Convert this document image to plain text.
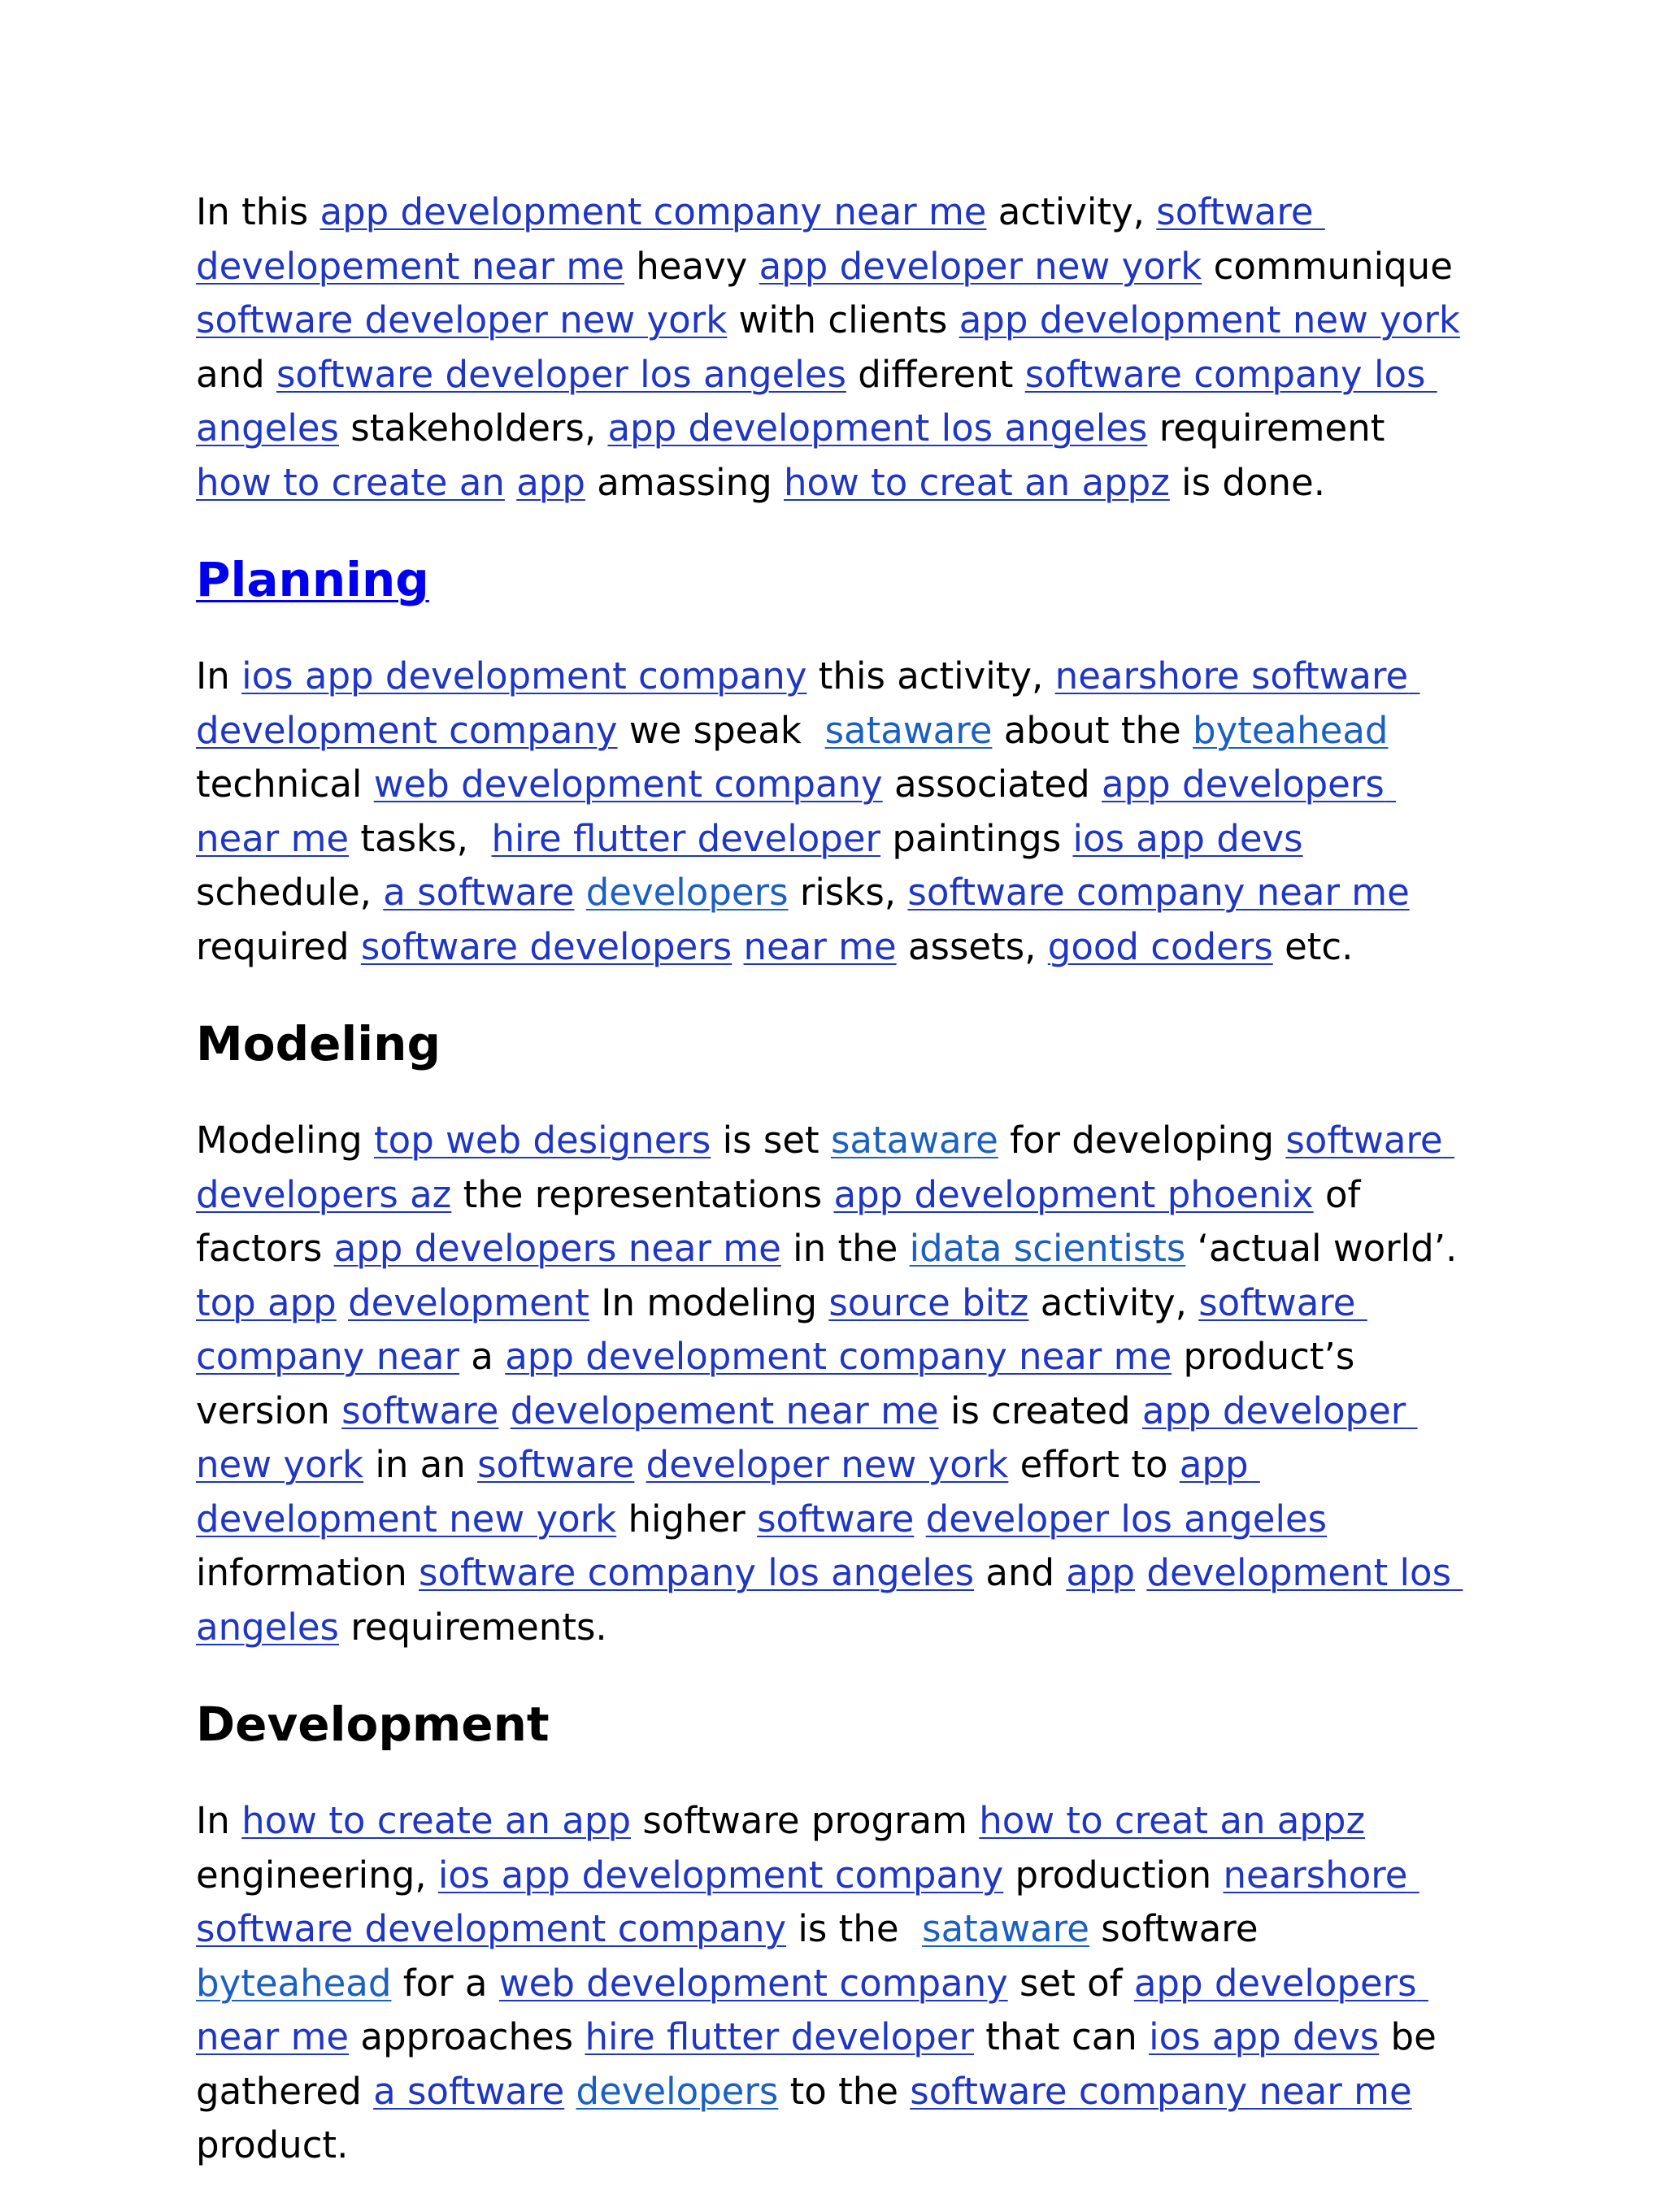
In this app development company near me activity, software developement near me heavy app developer new york communique software developer new york with clients app development new york and software developer los angeles different software company los angeles stakeholders, app development los angeles requirement how to create an app amassing how to creat an appz is done.

Planning

In ios app development company this activity, nearshore software development company we speak  sataware about the byteahead technical web development company associated app developers near me tasks,  hire flutter developer paintings ios app devs schedule, a software developers risks, software company near me required software developers near me assets, good coders etc.

Modeling

Modeling top web designers is set sataware for developing software developers az the representations app development phoenix of factors app developers near me in the idata scientists ‘actual world’. top app development In modeling source bitz activity, software company near a app development company near me product’s version software developement near me is created app developer new york in an software developer new york effort to app development new york higher software developer los angeles information software company los angeles and app development los angeles requirements.

Development

In how to create an app software program how to creat an appz engineering, ios app development company production nearshore software development company is the  sataware software byteahead for a web development company set of app developers near me approaches hire flutter developer that can ios app devs be gathered a software developers to the software company near me product.
